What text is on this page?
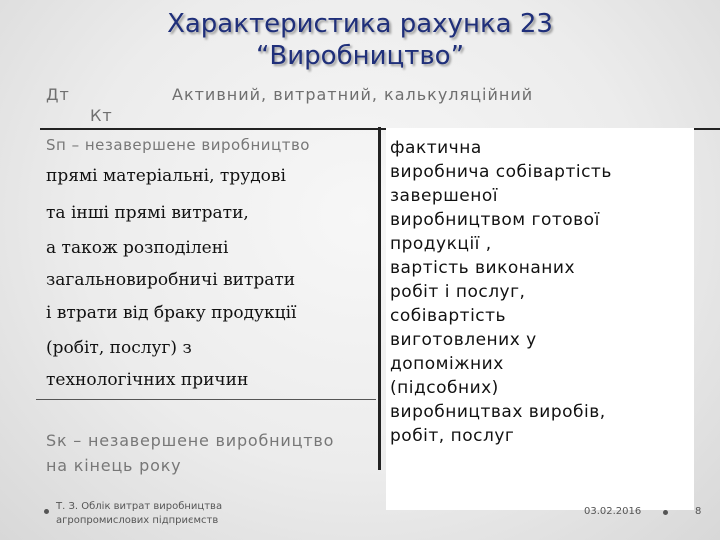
Характеристика рахунка 23
“Виробництво”
Дт	Активний, витратний, калькуляційний
Кт
Sп – незавершене виробництво
прямі матеріальні, трудові
та інші прямі витрати,
а також розподілені
загальновиробничі витрати
і втрати від браку продукції
(робіт, послуг) з
технологічних причин
Sк – незавершене виробництво
на кінець року
фактична
виробнича собівартість
завершеної
виробництвом готової
продукції ,
вартість виконаних
робіт і послуг,
собівартість
виготовлених у
допоміжних
(підсобних)
виробництвах виробів,
робіт, послуг
Т. З. Облік витрат виробництва
агропромислових підприємств
03.02.2016	8
